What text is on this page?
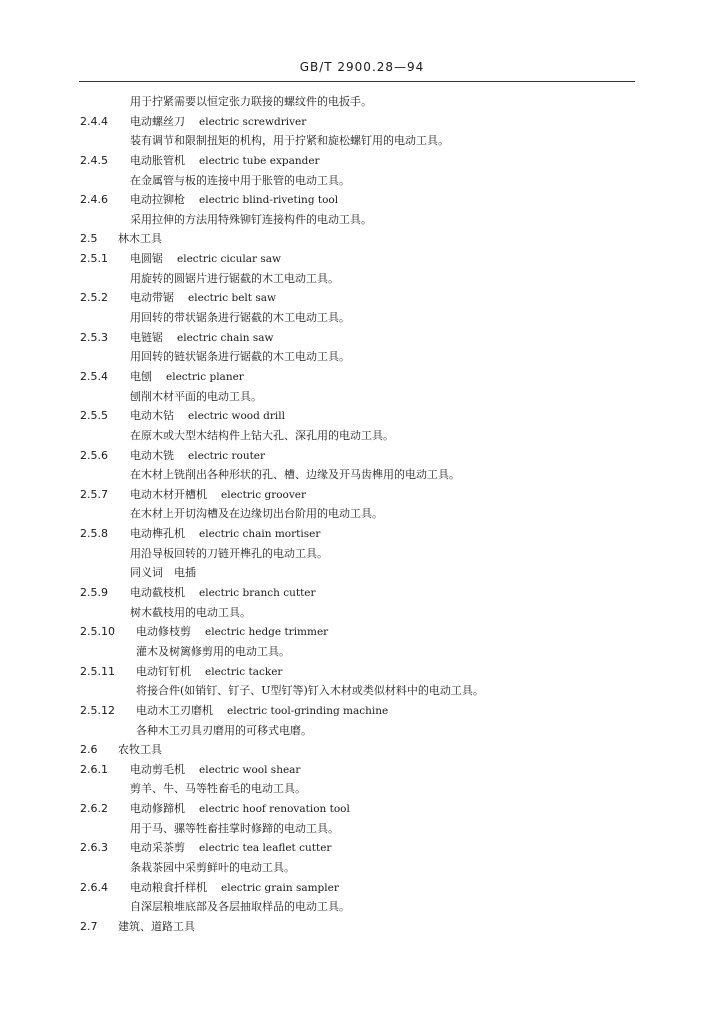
GB/T 2900.28—94
用于拧紧需要以恒定张力联接的螺纹件的电扳手。
2.4.4 电动螺丝刀 electric screwdriver
装有调节和限制扭矩的机构，用于拧紧和旋松螺钉用的电动工具。
2.4.5 电动胀管机 electric tube expander
在金属管与板的连接中用于胀管的电动工具。
2.4.6 电动拉铆枪 electric blind-riveting tool
采用拉伸的方法用特殊铆钉连接构件的电动工具。
2.5 林木工具
2.5.1 电圆锯 electric cicular saw
用旋转的圆锯片进行锯截的木工电动工具。
2.5.2 电动带锯 electric belt saw
用回转的带状锯条进行锯截的木工电动工具。
2.5.3 电链锯 electric chain saw
用回转的链状锯条进行锯截的木工电动工具。
2.5.4 电刨 electric planer
刨削木材平面的电动工具。
2.5.5 电动木钻 electric wood drill
在原木或大型木结构件上钻大孔、深孔用的电动工具。
2.5.6 电动木铣 electric router
在木材上铣削出各种形状的孔、槽、边缘及开马齿榫用的电动工具。
2.5.7 电动木材开槽机 electric groover
在木材上开切沟槽及在边缘切出台阶用的电动工具。
2.5.8 电动榫孔机 electric chain mortiser
用沿导板回转的刀链开榫孔的电动工具。
同义词　电插
2.5.9 电动截枝机 electric branch cutter
树木截枝用的电动工具。
2.5.10 电动修枝剪 electric hedge trimmer
灌木及树篱修剪用的电动工具。
2.5.11 电动钉钉机 electric tacker
将接合件(如销钉、钉子、U型钉等)钉入木材或类似材料中的电动工具。
2.5.12 电动木工刃磨机 electric tool-grinding machine
各种木工刃具刃磨用的可移式电磨。
2.6 农牧工具
2.6.1 电动剪毛机 electric wool shear
剪羊、牛、马等牲畜毛的电动工具。
2.6.2 电动修蹄机 electric hoof renovation tool
用于马、骡等牲畜挂掌时修蹄的电动工具。
2.6.3 电动采茶剪 electric tea leaflet cutter
条栽茶园中采剪鲜叶的电动工具。
2.6.4 电动粮食扦样机 electric grain sampler
自深层粮堆底部及各层抽取样品的电动工具。
2.7 建筑、道路工具
